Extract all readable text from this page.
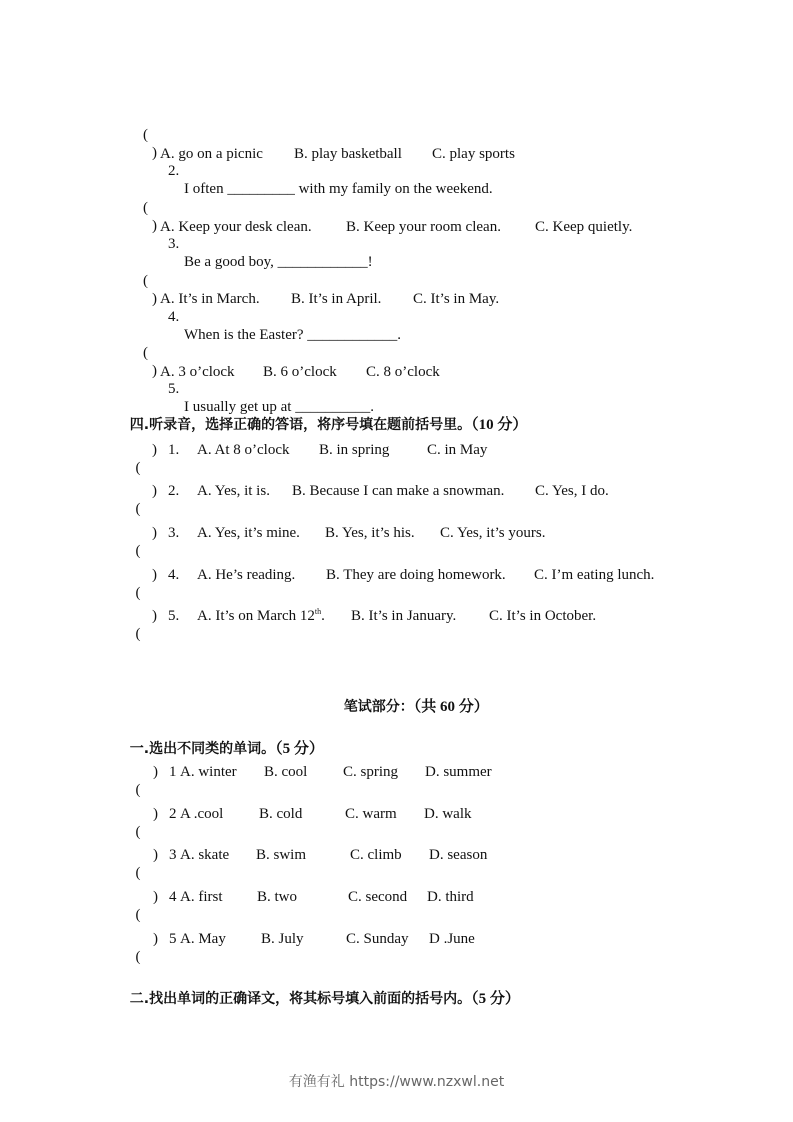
(

)

2.

I often _________ with my family on the weekend.

A. go on a picnic

B. play basketball

C. play sports

(

)

3.

Be a good boy, ____________!

A. Keep your desk clean.

B. Keep your room clean.

C. Keep quietly.

(

)

4.

When is the Easter? ____________.

A. It’s in March.

B. It’s in April.

C. It’s in May.

(

)

5.

I usually get up at __________.

A. 3 o’clock

B. 6 o’clock

C. 8 o’clock

四.听录音，选择正确的答语，将序号填在题前括号里。（10 分）

(

)

1.

A. At 8 o’clock

B. in spring

	C. in May

(

)

2.

A. Yes, it is.

B. Because I can make a snowman.

C. Yes, I do.

(

)

3.

A. Yes, it’s mine.

B. Yes, it’s his.

C. Yes, it’s yours.

(

)

4.

A. He’s reading.

B. They are doing homework.

C. I’m eating lunch.

(

)

5.

A. It’s on March 12th.

B. It’s in January.

C. It’s in October.

笔试部分：（共 60 分）

一.选出不同类的单词。（5 分）

(

)

1

A. winter

B. cool

C. spring

D. summer

(

)

2

A .cool

B. cold

	C. warm

D. walk

(

)

3

A. skate

B. swim

	C. climb

D. season

(

)

4

A. first

B. two

	C. second

D. third

(

)

5

A. May

B. July

	C. Sunday

D .June

二.找出单词的正确译文，将其标号填入前面的括号内。（5 分）

有渔有礼 https://www.nzxwl.net
